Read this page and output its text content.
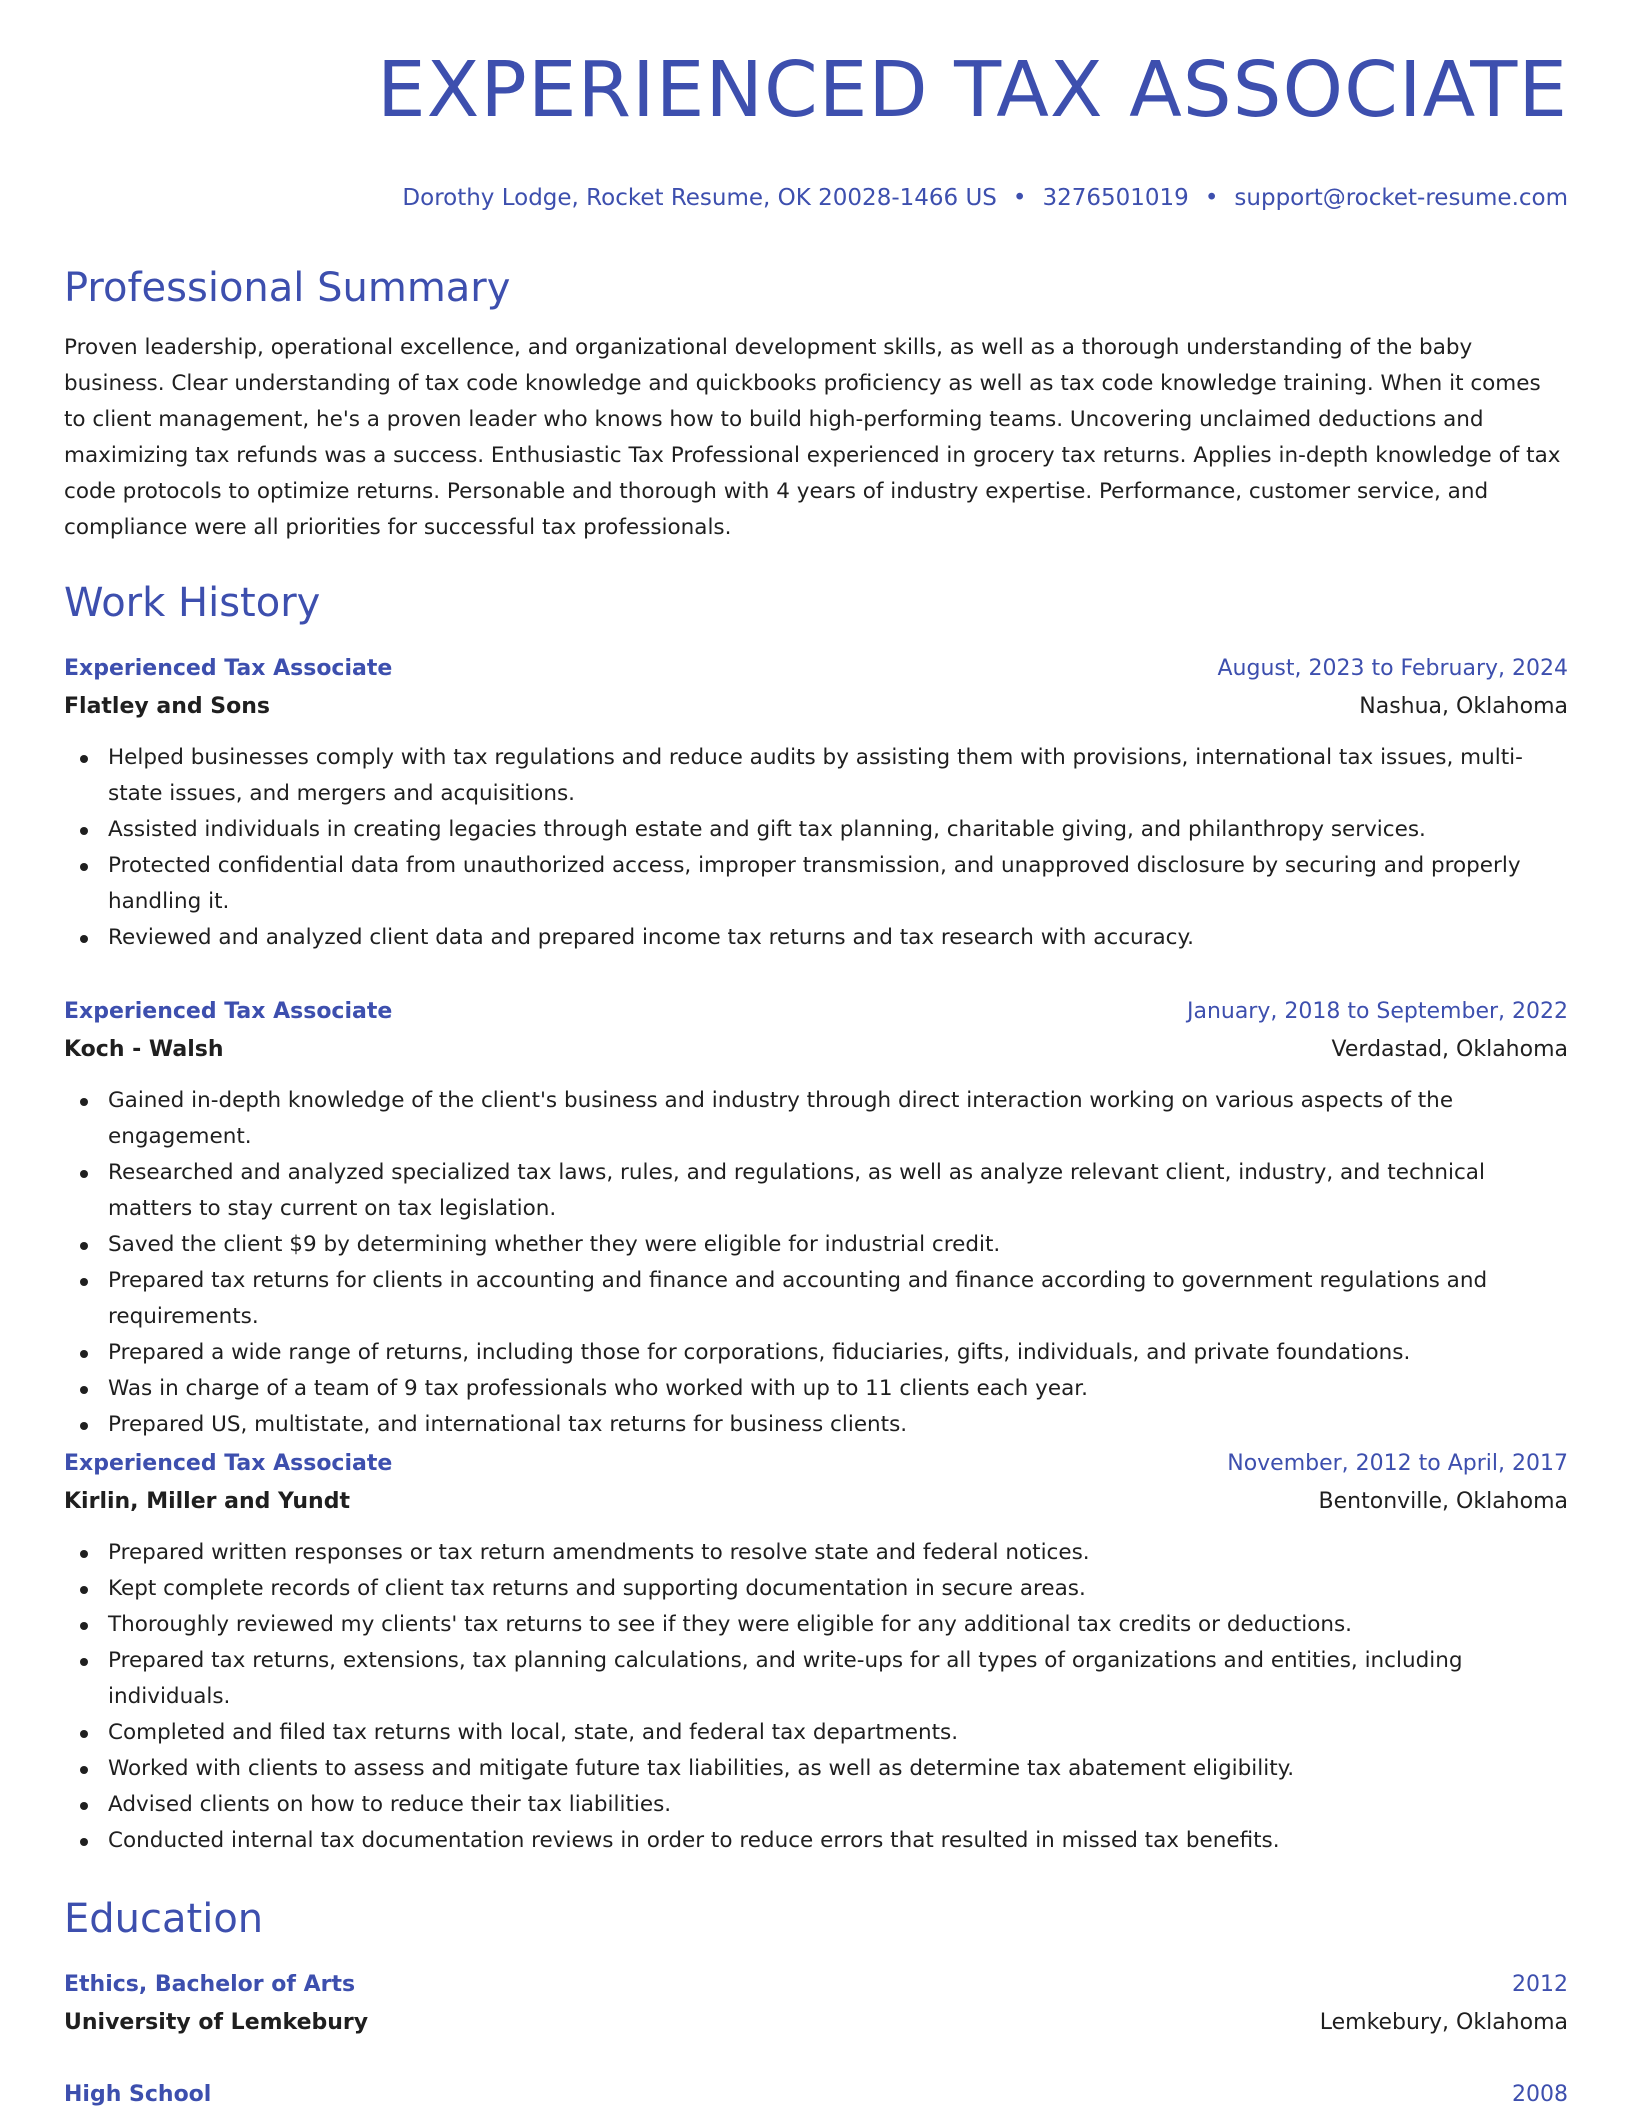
EXPERIENCED TAX ASSOCIATE
Dorothy Lodge, Rocket Resume, OK 20028-1466 US • 3276501019 • support@rocket-resume.com
Professional Summary
Proven leadership, operational excellence, and organizational development skills, as well as a thorough understanding of the baby business. Clear understanding of tax code knowledge and quickbooks proficiency as well as tax code knowledge training. When it comes to client management, he's a proven leader who knows how to build high-performing teams. Uncovering unclaimed deductions and maximizing tax refunds was a success. Enthusiastic Tax Professional experienced in grocery tax returns. Applies in-depth knowledge of tax code protocols to optimize returns. Personable and thorough with 4 years of industry expertise. Performance, customer service, and compliance were all priorities for successful tax professionals.
Work History
Experienced Tax Associate	August, 2023 to February, 2024
Flatley and Sons	Nashua, Oklahoma
Helped businesses comply with tax regulations and reduce audits by assisting them with provisions, international tax issues, multi-state issues, and mergers and acquisitions.
Assisted individuals in creating legacies through estate and gift tax planning, charitable giving, and philanthropy services.
Protected confidential data from unauthorized access, improper transmission, and unapproved disclosure by securing and properly handling it.
Reviewed and analyzed client data and prepared income tax returns and tax research with accuracy.
Experienced Tax Associate	January, 2018 to September, 2022
Koch - Walsh	Verdastad, Oklahoma
Gained in-depth knowledge of the client's business and industry through direct interaction working on various aspects of the engagement.
Researched and analyzed specialized tax laws, rules, and regulations, as well as analyze relevant client, industry, and technical matters to stay current on tax legislation.
Saved the client $9 by determining whether they were eligible for industrial credit.
Prepared tax returns for clients in accounting and finance and accounting and finance according to government regulations and requirements.
Prepared a wide range of returns, including those for corporations, fiduciaries, gifts, individuals, and private foundations.
Was in charge of a team of 9 tax professionals who worked with up to 11 clients each year.
Prepared US, multistate, and international tax returns for business clients.
Experienced Tax Associate	November, 2012 to April, 2017
Kirlin, Miller and Yundt	Bentonville, Oklahoma
Prepared written responses or tax return amendments to resolve state and federal notices.
Kept complete records of client tax returns and supporting documentation in secure areas.
Thoroughly reviewed my clients' tax returns to see if they were eligible for any additional tax credits or deductions.
Prepared tax returns, extensions, tax planning calculations, and write-ups for all types of organizations and entities, including individuals.
Completed and filed tax returns with local, state, and federal tax departments.
Worked with clients to assess and mitigate future tax liabilities, as well as determine tax abatement eligibility.
Advised clients on how to reduce their tax liabilities.
Conducted internal tax documentation reviews in order to reduce errors that resulted in missed tax benefits.
Education
Ethics, Bachelor of Arts	2012
University of Lemkebury	Lemkebury, Oklahoma
High School	2008
